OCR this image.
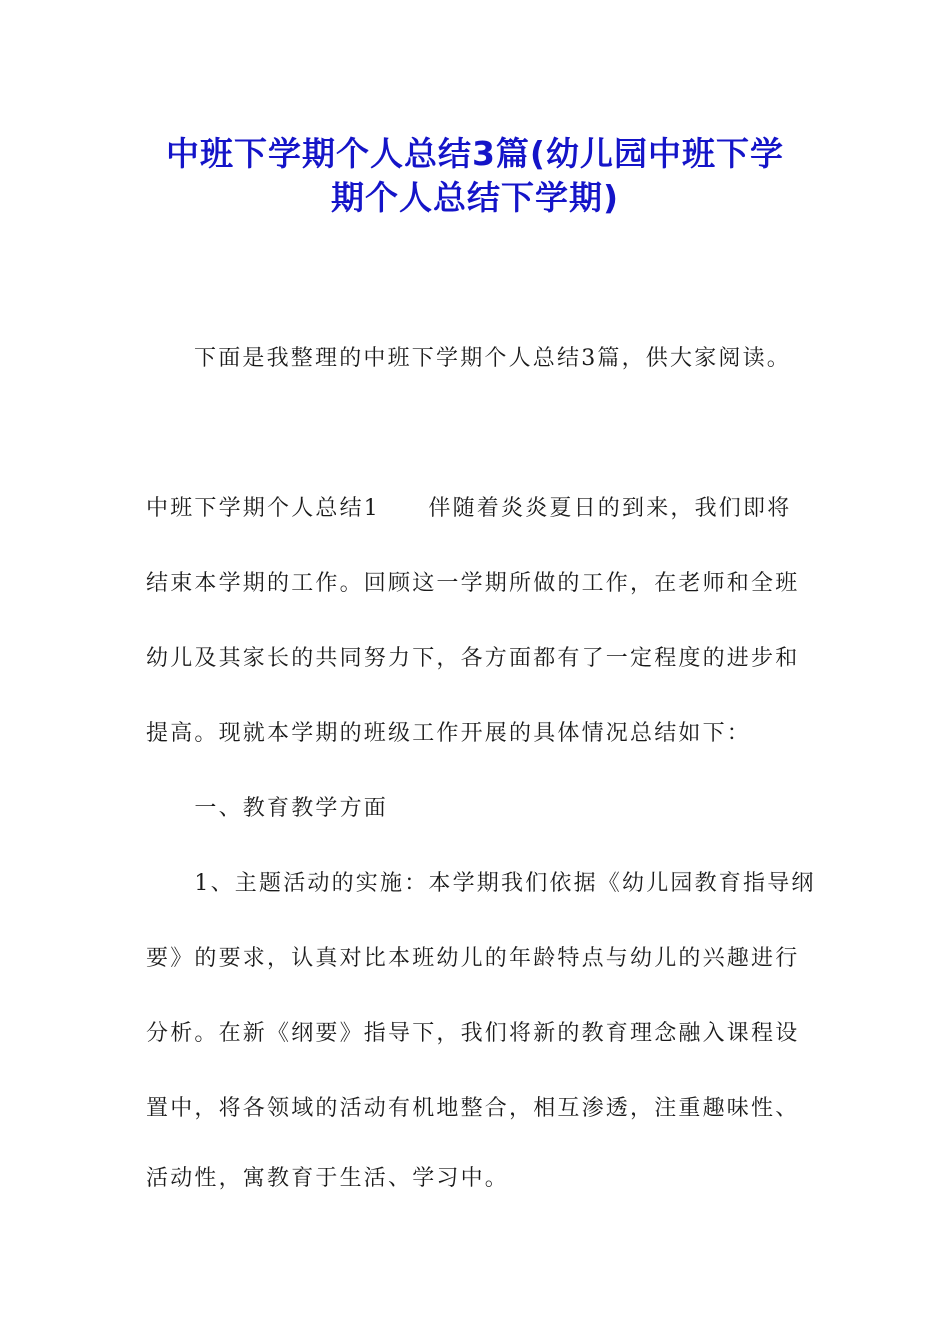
中班下学期个人总结3篇(幼儿园中班下学
期个人总结下学期)
下面是我整理的中班下学期个人总结3篇，供大家阅读。
中班下学期个人总结1　　伴随着炎炎夏日的到来，我们即将
结束本学期的工作。回顾这一学期所做的工作，在老师和全班
幼儿及其家长的共同努力下，各方面都有了一定程度的进步和
提高。现就本学期的班级工作开展的具体情况总结如下：
　　一、教育教学方面
　　1、主题活动的实施：本学期我们依据《幼儿园教育指导纲
要》的要求，认真对比本班幼儿的年龄特点与幼儿的兴趣进行
分析。在新《纲要》指导下，我们将新的教育理念融入课程设
置中，将各领域的活动有机地整合，相互渗透，注重趣味性、
活动性，寓教育于生活、学习中。
